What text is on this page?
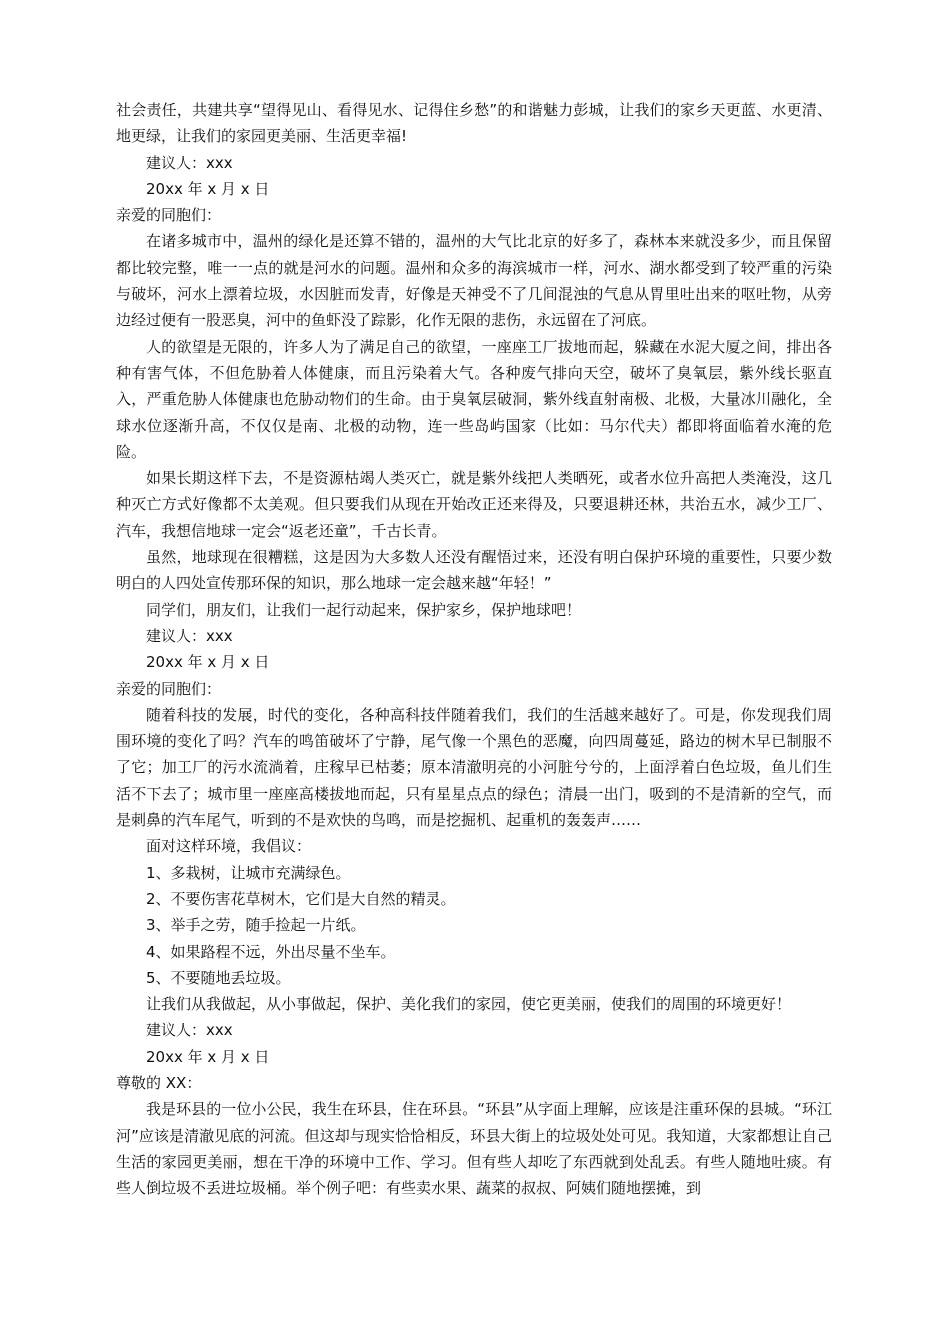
社会责任，共建共享“望得见山、看得见水、记得住乡愁”的和谐魅力彭城，让我们的家乡天更蓝、水更清、地更绿，让我们的家园更美丽、生活更幸福!

建议人：xxx

20xx 年 x 月 x 日

亲爱的同胞们：

在诸多城市中，温州的绿化是还算不错的，温州的大气比北京的好多了，森林本来就没多少，而且保留都比较完整，唯一一点的就是河水的问题。温州和众多的海滨城市一样，河水、湖水都受到了较严重的污染与破坏，河水上漂着垃圾，水因脏而发青，好像是天神受不了几间混浊的气息从胃里吐出来的呕吐物，从旁边经过便有一股恶臭，河中的鱼虾没了踪影，化作无限的悲伤，永远留在了河底。

人的欲望是无限的，许多人为了满足自己的欲望，一座座工厂拔地而起，躲藏在水泥大厦之间，排出各种有害气体，不但危胁着人体健康，而且污染着大气。各种废气排向天空，破坏了臭氧层，紫外线长驱直入，严重危胁人体健康也危胁动物们的生命。由于臭氧层破洞，紫外线直射南极、北极，大量冰川融化，全球水位逐渐升高，不仅仅是南、北极的动物，连一些岛屿国家（比如：马尔代夫）都即将面临着水淹的危险。

如果长期这样下去，不是资源枯竭人类灭亡，就是紫外线把人类晒死，或者水位升高把人类淹没，这几种灭亡方式好像都不太美观。但只要我们从现在开始改正还来得及，只要退耕还林，共治五水，减少工厂、汽车，我想信地球一定会“返老还童”，千古长青。

虽然，地球现在很糟糕，这是因为大多数人还没有醒悟过来，还没有明白保护环境的重要性，只要少数明白的人四处宣传那环保的知识，那么地球一定会越来越“年轻！”

同学们，朋友们，让我们一起行动起来，保护家乡，保护地球吧！

建议人：xxx

20xx 年 x 月 x 日

亲爱的同胞们：

随着科技的发展，时代的变化，各种高科技伴随着我们，我们的生活越来越好了。可是，你发现我们周围环境的变化了吗？汽车的鸣笛破坏了宁静，尾气像一个黑色的恶魔，向四周蔓延，路边的树木早已制服不了它；加工厂的污水流淌着，庄稼早已枯萎；原本清澈明亮的小河脏兮兮的，上面浮着白色垃圾，鱼儿们生活不下去了；城市里一座座高楼拔地而起，只有星星点点的绿色；清晨一出门，吸到的不是清新的空气，而是刺鼻的汽车尾气，听到的不是欢快的鸟鸣，而是挖掘机、起重机的轰轰声……

面对这样环境，我倡议：

1、多栽树，让城市充满绿色。

2、不要伤害花草树木，它们是大自然的精灵。

3、举手之劳，随手捡起一片纸。

4、如果路程不远，外出尽量不坐车。

5、不要随地丢垃圾。

让我们从我做起，从小事做起，保护、美化我们的家园，使它更美丽，使我们的周围的环境更好！

建议人：xxx

20xx 年 x 月 x 日

尊敬的 XX：

我是环县的一位小公民，我生在环县，住在环县。“环县”从字面上理解，应该是注重环保的县城。“环江河”应该是清澈见底的河流。但这却与现实恰恰相反，环县大街上的垃圾处处可见。我知道，大家都想让自己生活的家园更美丽，想在干净的环境中工作、学习。但有些人却吃了东西就到处乱丢。有些人随地吐痰。有些人倒垃圾不丢进垃圾桶。举个例子吧：有些卖水果、蔬菜的叔叔、阿姨们随地摆摊，到
